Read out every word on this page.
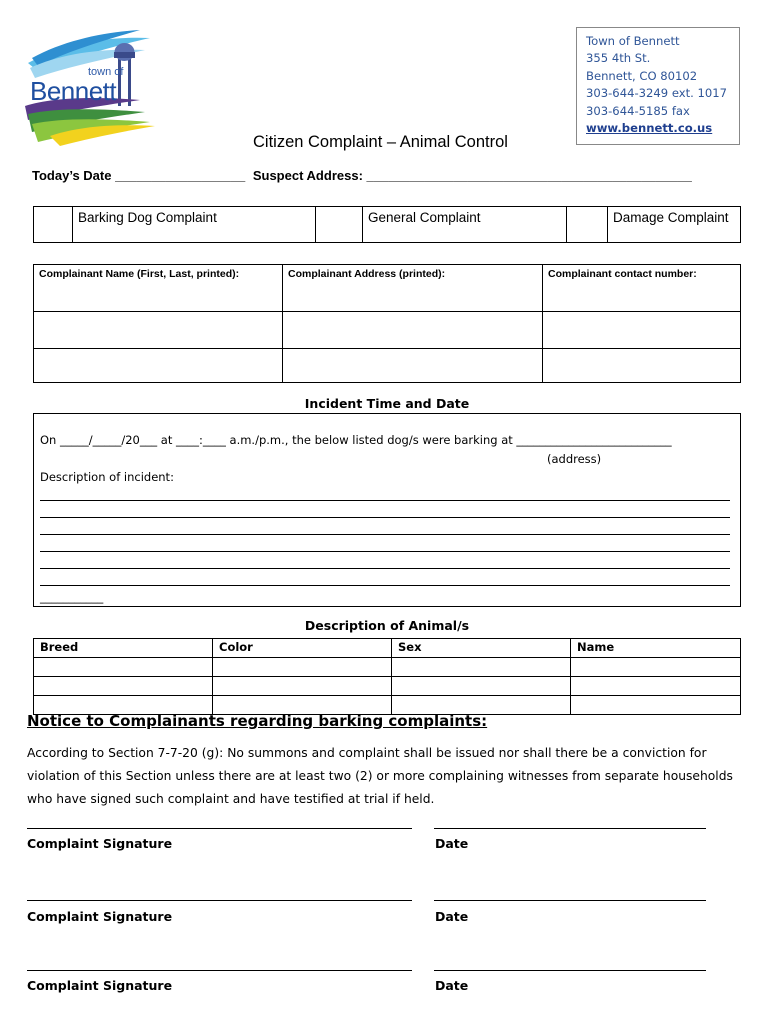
town of
Bennett
Town of Bennett
355 4th St.
Bennett, CO 80102
303-644-3249 ext. 1017
303-644-5185 fax
www.bennett.co.us
Citizen Complaint – Animal Control
Today’s Date __________________ Suspect Address: _____________________________________________
	Barking Dog Complaint		General Complaint		Damage Complaint
Complainant Name (First, Last, printed):	Complainant Address (printed):	Complainant contact number:

Incident Time and Date
On _____/_____/20___ at ____:____ a.m./p.m., the below listed dog/s were barking at ___________________________
(address)
Description of incident:
___________
Description of Animal/s
Breed	Color	Sex	Name

Notice to Complainants regarding barking complaints:
According to Section 7-7-20 (g): No summons and complaint shall be issued nor shall there be a conviction for violation of this Section unless there are at least two (2) or more complaining witnesses from separate households who have signed such complaint and have testified at trial if held.
Complaint Signature	Date
Complaint Signature	Date
Complaint Signature	Date
